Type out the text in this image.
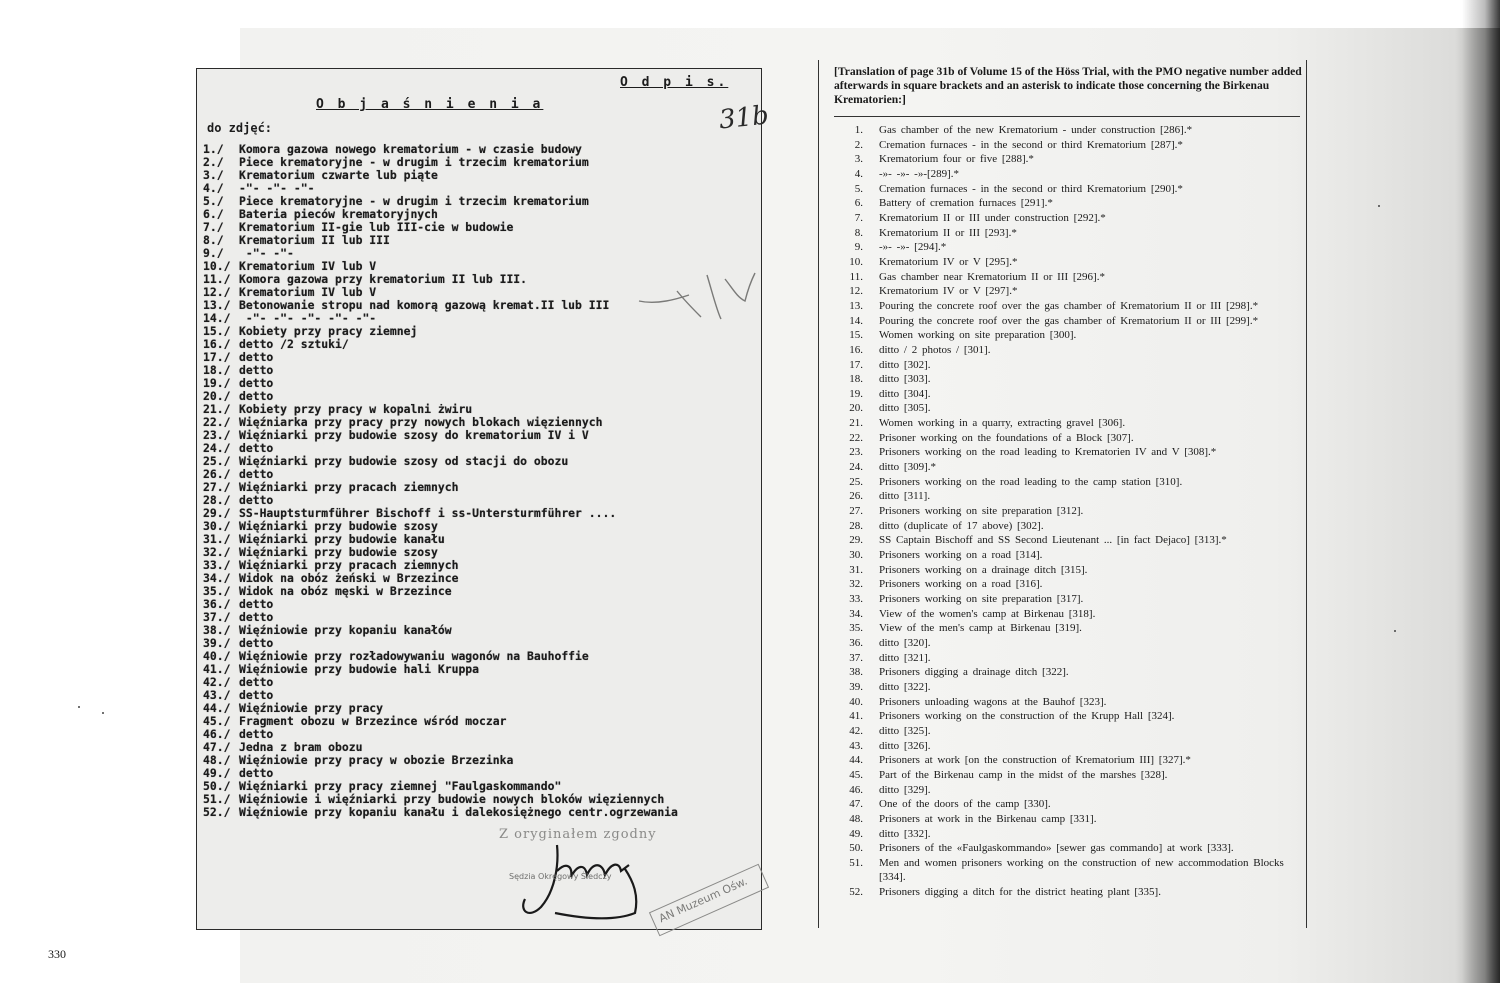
O d p i s.
O b j a ś n i e n i a
do zdjęć:	31b
1./ Komora gazowa nowego krematorium - w czasie budowy
2./ Piece krematoryjne - w drugim i trzecim krematorium
3./ Krematorium czwarte lub piąte
4./ -"- -"- -"-
5./ Piece krematoryjne - w drugim i trzecim krematorium
6./ Bateria pieców krematoryjnych
7./ Krematorium II-gie lub III-cie w budowie
8./ Krematorium II lub III
9./ -"- -"-
10./ Krematorium IV lub V
11./ Komora gazowa przy krematorium II lub III.
12./ Krematorium IV lub V
13./ Betonowanie stropu nad komorą gazową kremat.II lub III
14./ -"- -"- -"- -"- -"-
15./ Kobiety przy pracy ziemnej
16./ detto /2 sztuki/
17./ detto
18./ detto
19./ detto
20./ detto
21./ Kobiety przy pracy w kopalni żwiru
22./ Więźniarka przy pracy przy nowych blokach więziennych
23./ Więźniarki przy budowie szosy do krematorium IV i V
24./ detto
25./ Więźniarki przy budowie szosy od stacji do obozu
26./ detto
27./ Więźniarki przy pracach ziemnych
28./ detto
29./ SS-Hauptsturmführer Bischoff i ss-Untersturmführer ....
30./ Więźniarki przy budowie szosy
31./ Więźniarki przy budowie kanału
32./ Więźniarki przy budowie szosy
33./ Więźniarki przy pracach ziemnych
34./ Widok na obóz żeński w Brzezince
35./ Widok na obóz męski w Brzezince
36./ detto
37./ detto
38./ Więźniowie przy kopaniu kanałów
39./ detto
40./ Więźniowie przy rozładowywaniu wagonów na Bauhoffie
41./ Więźniowie przy budowie hali Kruppa
42./ detto
43./ detto
44./ Więźniowie przy pracy
45./ Fragment obozu w Brzezince wśród moczar
46./ detto
47./ Jedna z bram obozu
48./ Więźniowie przy pracy w obozie Brzezinka
49./ detto
50./ Więźniarki przy pracy ziemnej "Faulgaskommando"
51./ Więźniowie i więźniarki przy budowie nowych bloków więziennych
52./ Więźniowie przy kopaniu kanału i dalekosiężnego centr.ogrzewania
Z oryginałem zgodny
Sędzia Okręgowy Śledczy	AN Muzeum Ośw.
[Translation of page 31b of Volume 15 of the Höss Trial, with the PMO negative number added afterwards in square brackets and an asterisk to indicate those concerning the Birkenau Krematorien:]
1.	Gas chamber of the new Krematorium - under construction [286].*
2.	Cremation furnaces - in the second or third Krematorium [287].*
3.	Krematorium four or five [288].*
4.	-»- -»- -»-[289].*
5.	Cremation furnaces - in the second or third Krematorium [290].*
6.	Battery of cremation furnaces [291].*
7.	Krematorium II or III under construction [292].*
8.	Krematorium II or III [293].*
9.	-»- -»- [294].*
10.	Krematorium IV or V [295].*
11.	Gas chamber near Krematorium II or III [296].*
12.	Krematorium IV or V [297].*
13.	Pouring the concrete roof over the gas chamber of Krematorium II or III [298].*
14.	Pouring the concrete roof over the gas chamber of Krematorium II or III [299].*
15.	Women working on site preparation [300].
16.	ditto / 2 photos / [301].
17.	ditto [302].
18.	ditto [303].
19.	ditto [304].
20.	ditto [305].
21.	Women working in a quarry, extracting gravel [306].
22.	Prisoner working on the foundations of a Block [307].
23.	Prisoners working on the road leading to Krematorien IV and V [308].*
24.	ditto [309].*
25.	Prisoners working on the road leading to the camp station [310].
26.	ditto [311].
27.	Prisoners working on site preparation [312].
28.	ditto (duplicate of 17 above) [302].
29.	SS Captain Bischoff and SS Second Lieutenant ... [in fact Dejaco] [313].*
30.	Prisoners working on a road [314].
31.	Prisoners working on a drainage ditch [315].
32.	Prisoners working on a road [316].
33.	Prisoners working on site preparation [317].
34.	View of the women's camp at Birkenau [318].
35.	View of the men's camp at Birkenau [319].
36.	ditto [320].
37.	ditto [321].
38.	Prisoners digging a drainage ditch [322].
39.	ditto [322].
40.	Prisoners unloading wagons at the Bauhof [323].
41.	Prisoners working on the construction of the Krupp Hall [324].
42.	ditto [325].
43.	ditto [326].
44.	Prisoners at work [on the construction of Krematorium III] [327].*
45.	Part of the Birkenau camp in the midst of the marshes [328].
46.	ditto [329].
47.	One of the doors of the camp [330].
48.	Prisoners at work in the Birkenau camp [331].
49.	ditto [332].
50.	Prisoners of the «Faulgaskommando» [sewer gas commando] at work [333].
51.	Men and women prisoners working on the construction of new accommodation Blocks [334].
52.	Prisoners digging a ditch for the district heating plant [335].
330
